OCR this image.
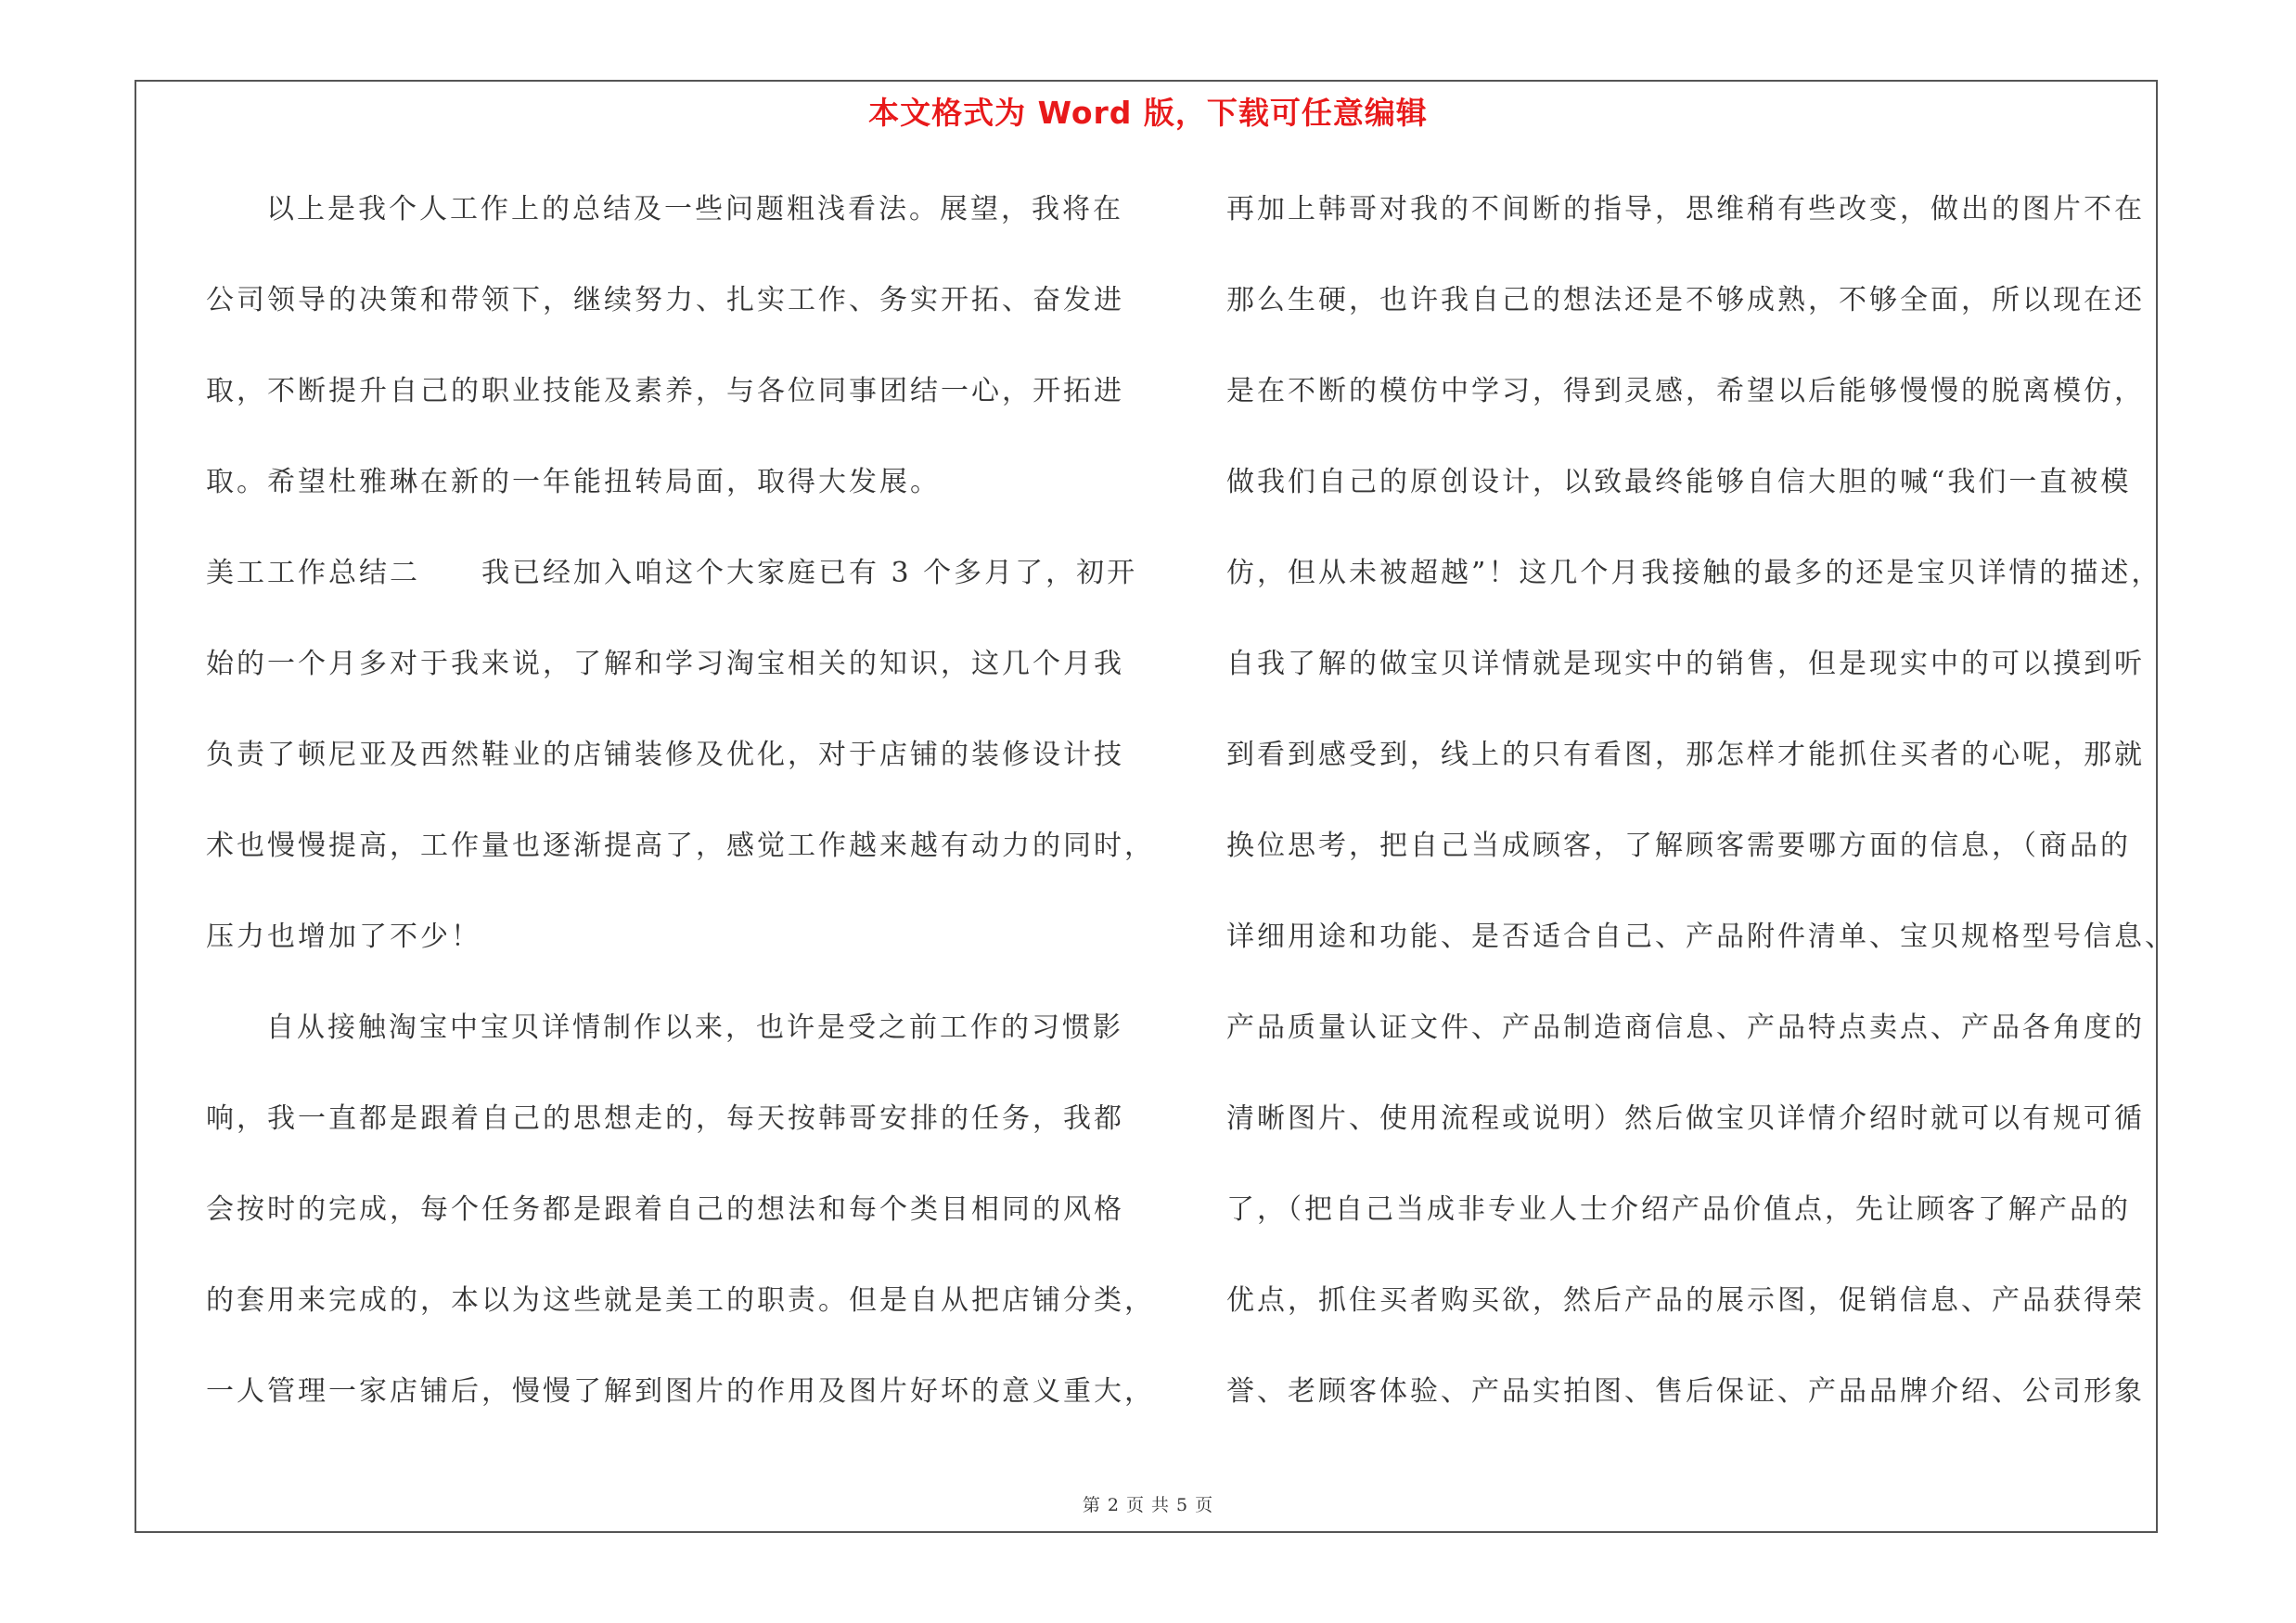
本文格式为 Word 版，下载可任意编辑
以上是我个人工作上的总结及一些问题粗浅看法。展望，我将在
公司领导的决策和带领下，继续努力、扎实工作、务实开拓、奋发进
取，不断提升自己的职业技能及素养，与各位同事团结一心，开拓进
取。希望杜雅琳在新的一年能扭转局面，取得大发展。
美工工作总结二　　我已经加入咱这个大家庭已有 3 个多月了，初开
始的一个月多对于我来说，了解和学习淘宝相关的知识，这几个月我
负责了顿尼亚及西然鞋业的店铺装修及优化，对于店铺的装修设计技
术也慢慢提高，工作量也逐渐提高了，感觉工作越来越有动力的同时，
压力也增加了不少！
自从接触淘宝中宝贝详情制作以来，也许是受之前工作的习惯影
响，我一直都是跟着自己的思想走的，每天按韩哥安排的任务，我都
会按时的完成，每个任务都是跟着自己的想法和每个类目相同的风格
的套用来完成的，本以为这些就是美工的职责。但是自从把店铺分类，
一人管理一家店铺后，慢慢了解到图片的作用及图片好坏的意义重大，
再加上韩哥对我的不间断的指导，思维稍有些改变，做出的图片不在
那么生硬，也许我自己的想法还是不够成熟，不够全面，所以现在还
是在不断的模仿中学习，得到灵感，希望以后能够慢慢的脱离模仿，
做我们自己的原创设计，以致最终能够自信大胆的喊“我们一直被模
仿，但从未被超越”！这几个月我接触的最多的还是宝贝详情的描述，
自我了解的做宝贝详情就是现实中的销售，但是现实中的可以摸到听
到看到感受到，线上的只有看图，那怎样才能抓住买者的心呢，那就
换位思考，把自己当成顾客，了解顾客需要哪方面的信息，（商品的
详细用途和功能、是否适合自己、产品附件清单、宝贝规格型号信息、
产品质量认证文件、产品制造商信息、产品特点卖点、产品各角度的
清晰图片、使用流程或说明）然后做宝贝详情介绍时就可以有规可循
了，（把自己当成非专业人士介绍产品价值点，先让顾客了解产品的
优点，抓住买者购买欲，然后产品的展示图，促销信息、产品获得荣
誉、老顾客体验、产品实拍图、售后保证、产品品牌介绍、公司形象
第 2 页 共 5 页
